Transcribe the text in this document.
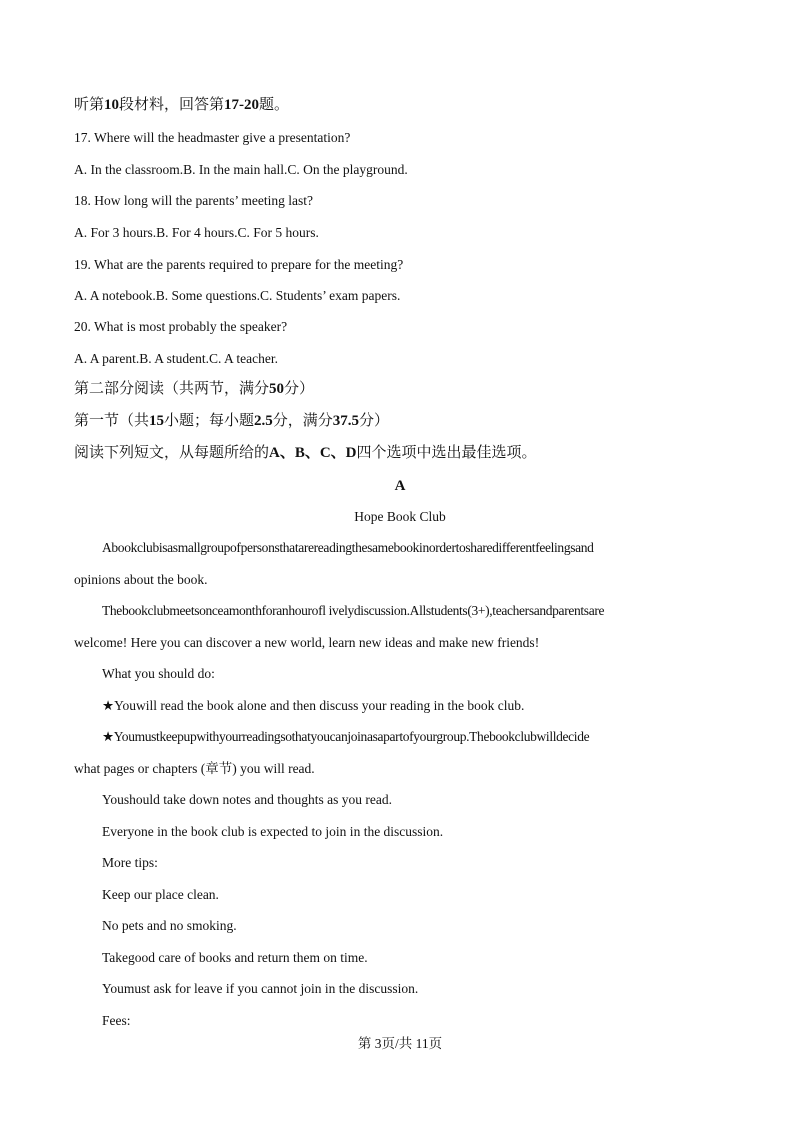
听第10段材料，回答第17-20题。
17. Where will the headmaster give a presentation?
A. In the classroom.B. In the main hall.C. On the playground.
18. How long will the parents’ meeting last?
A. For 3 hours.B. For 4 hours.C. For 5 hours.
19. What are the parents required to prepare for the meeting?
A. A notebook.B. Some questions.C. Students’ exam papers.
20. What is most probably the speaker?
A. A parent.B. A student.C. A teacher.
第二部分阅读（共两节，满分50分）
第一节（共15小题；每小题2.5分，满分37.5分）
阅读下列短文，从每题所给的A、B、C、D四个选项中选出最佳选项。
A
Hope Book Club
Abookclubisasmallgroupofpersonsthatarereadingthesamebookinordertosharedifferentfeelingsand
opinions about the book.
Thebookclubmeetsonceamonthforanhourofl ivelydiscussion.Allstudents(3+),teachersandparentsare
welcome! Here you can discover a new world, learn new ideas and make new friends!
What you should do:
★Youwill read the book alone and then discuss your reading in the book club.
★Youmustkeepupwithyourreadingsothatyoucanjoinasapartofyourgroup.Thebookclubwilldecide
what pages or chapters (章节) you will read.
Youshould take down notes and thoughts as you read.
Everyone in the book club is expected to join in the discussion.
More tips:
Keep our place clean.
No pets and no smoking.
Takegood care of books and return them on time.
Youmust ask for leave if you cannot join in the discussion.
Fees:
第 3页/共 11页
